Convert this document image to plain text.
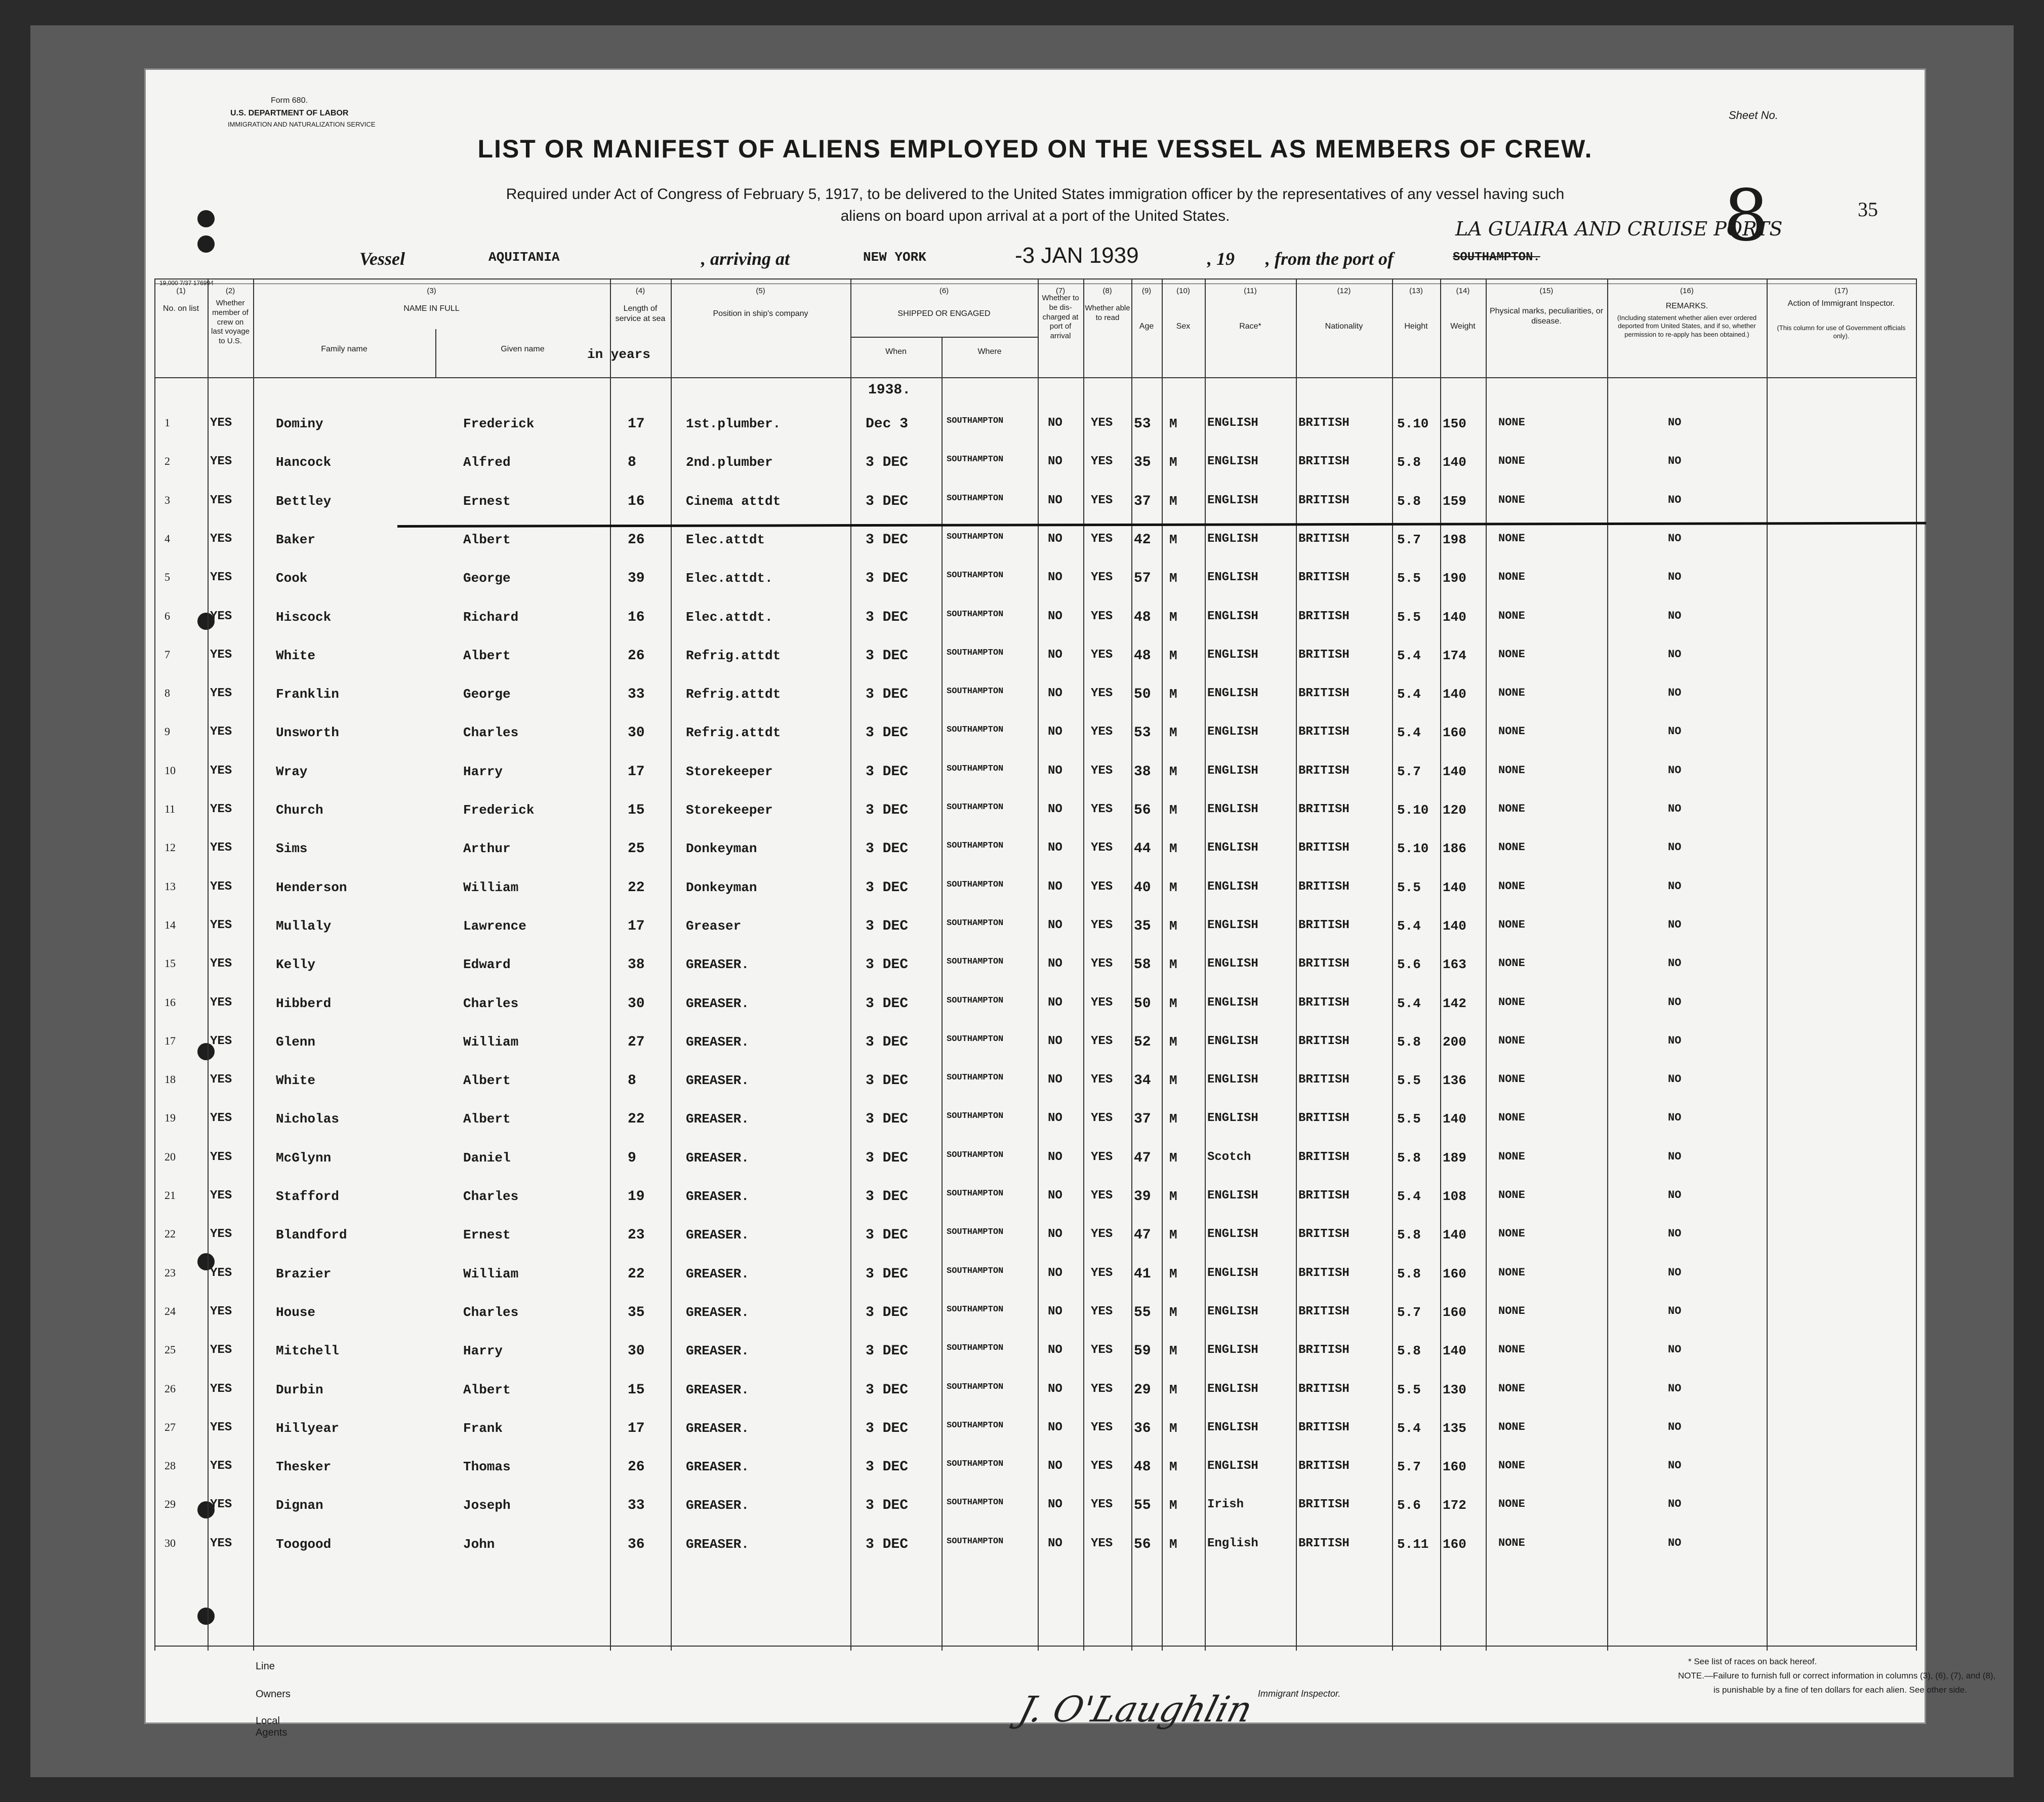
Form 680.
U.S. DEPARTMENT OF LABOR
IMMIGRATION AND NATURALIZATION SERVICE
Sheet No.
8	35
LIST OR MANIFEST OF ALIENS EMPLOYED ON THE VESSEL AS MEMBERS OF CREW.
Required under Act of Congress of February 5, 1917, to be delivered to the United States immigration officer by the representatives of any vessel having such
aliens on board upon arrival at a port of the United States.
Vessel	AQUITANIA	, arriving at	NEW YORK	-3 JAN 1939	, 19 , from the port of	SOUTHAMPTON.
LA GUAIRA AND CRUISE PORTS
19,000 7/37 176994
(1)	(2)	(3)	(4)	(5)	(6)	(7)	(8)	(9)	(10)	(11)	(12)	(13)	(14)	(15)	(16)	(17)
No. on list
Whether member of crew on last voyage to U.S.
NAME IN FULL
Family name	Given name
Length of service at sea
in years
Position in ship's company	SHIPPED OR ENGAGED
When	Where
Whether to be dis-charged at port of arrival
Whether able to read
Age	Sex	Race*	Nationality	Height	Weight
Physical marks, peculiarities, or disease.
REMARKS.
(Including statement whether alien ever ordered deported from United States, and if so, whether permission to re-apply has been obtained.)
Action of Immigrant Inspector.
(This column for use of Government officials only).
1938.
1	YES	Dominy	Frederick	17	1st.plumber.	Dec 3	SOUTHAMPTON	NO YES 53 M ENGLISH	BRITISH	5.10 150	NONE	NO
2	YES	Hancock	Alfred	8	2nd.plumber	3 DEC	SOUTHAMPTON	NO YES 35 M ENGLISH	BRITISH	5.8 140	NONE	NO
3	YES	Bettley	Ernest	16	Cinema attdt	3 DEC	SOUTHAMPTON	NO YES 37 M ENGLISH	BRITISH	5.8 159	NONE	NO
4	YES	Baker	Albert	26	Elec.attdt	3 DEC	SOUTHAMPTON	NO YES 42 M ENGLISH	BRITISH	5.7 198	NONE	NO
5	YES	Cook	George	39	Elec.attdt.	3 DEC	SOUTHAMPTON	NO YES 57 M ENGLISH	BRITISH	5.5 190	NONE	NO
6	YES	Hiscock	Richard	16	Elec.attdt.	3 DEC	SOUTHAMPTON	NO YES 48 M ENGLISH	BRITISH	5.5 140	NONE	NO
7	YES	White	Albert	26	Refrig.attdt	3 DEC	SOUTHAMPTON	NO YES 48 M ENGLISH	BRITISH	5.4 174	NONE	NO
8	YES	Franklin	George	33	Refrig.attdt	3 DEC	SOUTHAMPTON	NO YES 50 M ENGLISH	BRITISH	5.4 140	NONE	NO
9	YES	Unsworth	Charles	30	Refrig.attdt	3 DEC	SOUTHAMPTON	NO YES 53 M ENGLISH	BRITISH	5.4 160	NONE	NO
10	YES	Wray	Harry	17	Storekeeper	3 DEC	SOUTHAMPTON	NO YES 38 M ENGLISH	BRITISH	5.7 140	NONE	NO
11	YES	Church	Frederick	15	Storekeeper	3 DEC	SOUTHAMPTON	NO YES 56 M ENGLISH	BRITISH	5.10 120	NONE	NO
12	YES	Sims	Arthur	25	Donkeyman	3 DEC	SOUTHAMPTON	NO YES 44 M ENGLISH	BRITISH	5.10 186	NONE	NO
13	YES	Henderson	William	22	Donkeyman	3 DEC	SOUTHAMPTON	NO YES 40 M ENGLISH	BRITISH	5.5 140	NONE	NO
14	YES	Mullaly	Lawrence	17	Greaser	3 DEC	SOUTHAMPTON	NO YES 35 M ENGLISH	BRITISH	5.4 140	NONE	NO
15	YES	Kelly	Edward	38	GREASER.	3 DEC	SOUTHAMPTON	NO YES 58 M ENGLISH	BRITISH	5.6 163	NONE	NO
16	YES	Hibberd	Charles	30	GREASER.	3 DEC	SOUTHAMPTON	NO YES 50 M ENGLISH	BRITISH	5.4 142	NONE	NO
17	YES	Glenn	William	27	GREASER.	3 DEC	SOUTHAMPTON	NO YES 52 M ENGLISH	BRITISH	5.8 200	NONE	NO
18	YES	White	Albert	8	GREASER.	3 DEC	SOUTHAMPTON	NO YES 34 M ENGLISH	BRITISH	5.5 136	NONE	NO
19	YES	Nicholas	Albert	22	GREASER.	3 DEC	SOUTHAMPTON	NO YES 37 M ENGLISH	BRITISH	5.5 140	NONE	NO
20	YES	McGlynn	Daniel	9	GREASER.	3 DEC	SOUTHAMPTON	NO YES 47 M Scotch	BRITISH	5.8 189	NONE	NO
21	YES	Stafford	Charles	19	GREASER.	3 DEC	SOUTHAMPTON	NO YES 39 M ENGLISH	BRITISH	5.4 108	NONE	NO
22	YES	Blandford	Ernest	23	GREASER.	3 DEC	SOUTHAMPTON	NO YES 47 M ENGLISH	BRITISH	5.8 140	NONE	NO
23	YES	Brazier	William	22	GREASER.	3 DEC	SOUTHAMPTON	NO YES 41 M ENGLISH	BRITISH	5.8 160	NONE	NO
24	YES	House	Charles	35	GREASER.	3 DEC	SOUTHAMPTON	NO YES 55 M ENGLISH	BRITISH	5.7 160	NONE	NO
25	YES	Mitchell	Harry	30	GREASER.	3 DEC	SOUTHAMPTON	NO YES 59 M ENGLISH	BRITISH	5.8 140	NONE	NO
26	YES	Durbin	Albert	15	GREASER.	3 DEC	SOUTHAMPTON	NO YES 29 M ENGLISH	BRITISH	5.5 130	NONE	NO
27	YES	Hillyear	Frank	17	GREASER.	3 DEC	SOUTHAMPTON	NO YES 36 M ENGLISH	BRITISH	5.4 135	NONE	NO
28	YES	Thesker	Thomas	26	GREASER.	3 DEC	SOUTHAMPTON	NO YES 48 M ENGLISH	BRITISH	5.7 160	NONE	NO
29	YES	Dignan	Joseph	33	GREASER.	3 DEC	SOUTHAMPTON	NO YES 55 M Irish	BRITISH	5.6 172	NONE	NO
30	YES	Toogood	John	36	GREASER.	3 DEC	SOUTHAMPTON	NO YES 56 M English	BRITISH	5.11 160	NONE	NO
Line
Owners
Local Agents
Immigrant Inspector.
* See list of races on back hereof.
NOTE.—Failure to furnish full or correct information in columns (3), (6), (7), and (8),
is punishable by a fine of ten dollars for each alien. See other side.
J. O'Laughlin
